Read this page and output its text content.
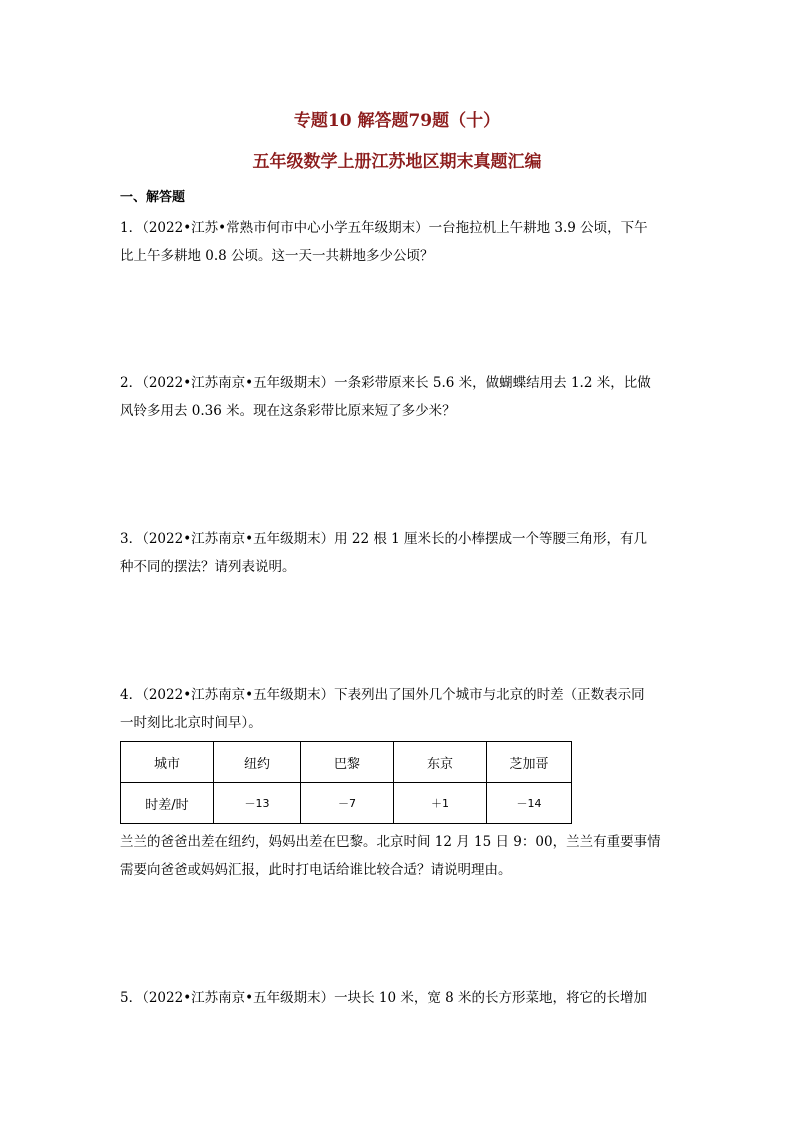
专题10 解答题79题（十）
五年级数学上册江苏地区期末真题汇编
一、解答题

1．（2022•江苏•常熟市何市中心小学五年级期末）一台拖拉机上午耕地 3.9 公顷，下午

比上午多耕地 0.8 公顷。这一天一共耕地多少公顷？

2．（2022•江苏南京•五年级期末）一条彩带原来长 5.6 米，做蝴蝶结用去 1.2 米，比做

风铃多用去 0.36 米。现在这条彩带比原来短了多少米？

3．（2022•江苏南京•五年级期末）用 22 根 1 厘米长的小棒摆成一个等腰三角形，有几

种不同的摆法？请列表说明。

4．（2022•江苏南京•五年级期末）下表列出了国外几个城市与北京的时差（正数表示同

一时刻比北京时间早）。

城市	纽约	巴黎	东京	芝加哥
时差/时	－13	－7	＋1	－14

兰兰的爸爸出差在纽约，妈妈出差在巴黎。北京时间 12 月 15 日 9：00，兰兰有重要事情

需要向爸爸或妈妈汇报，此时打电话给谁比较合适？请说明理由。

5．（2022•江苏南京•五年级期末）一块长 10 米，宽 8 米的长方形菜地，将它的长增加
